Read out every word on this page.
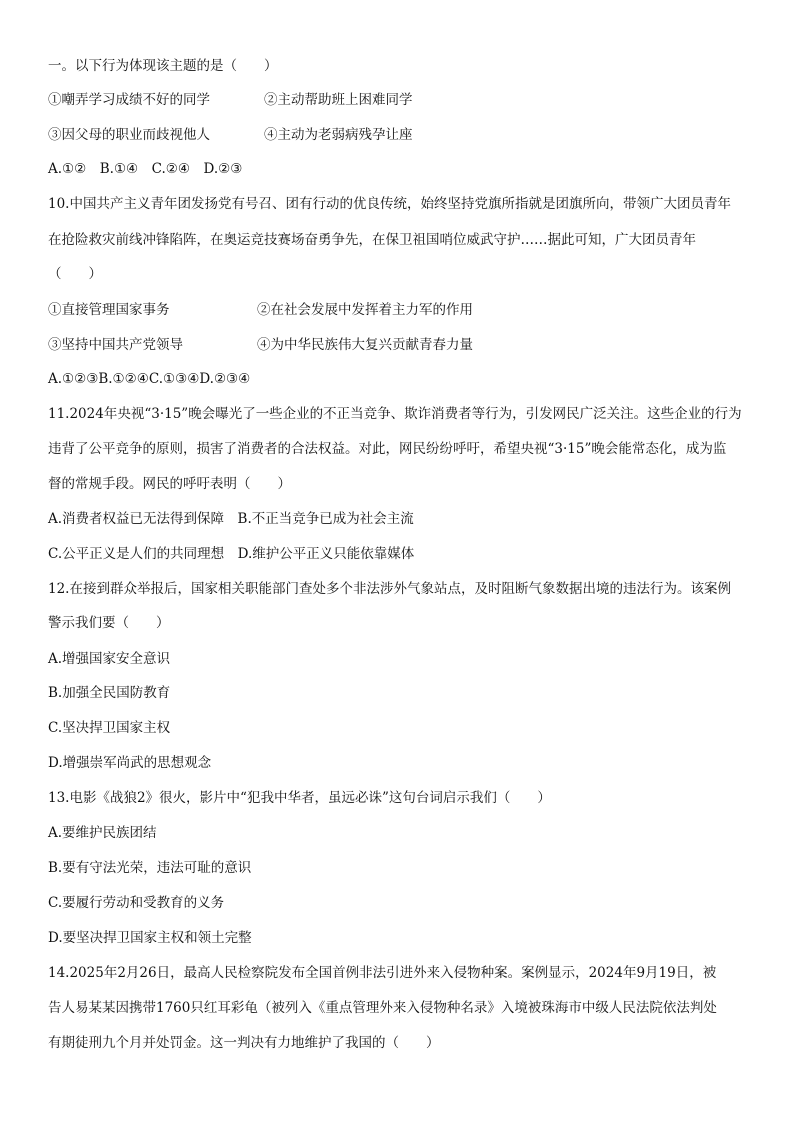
一。以下行为体现该主题的是（　　）
①嘲弄学习成绩不好的同学	②主动帮助班上困难同学
③因父母的职业而歧视他人	④主动为老弱病残孕让座
A.①②　B.①④　C.②④　D.②③
10.中国共产主义青年团发扬党有号召、团有行动的优良传统，始终坚持党旗所指就是团旗所向，带领广大团员青年
在抢险救灾前线冲锋陷阵，在奥运竞技赛场奋勇争先，在保卫祖国哨位威武守护……据此可知，广大团员青年
（　　）
①直接管理国家事务	②在社会发展中发挥着主力军的作用
③坚持中国共产党领导	④为中华民族伟大复兴贡献青春力量
A.①②③B.①②④C.①③④D.②③④
11.2024年央视“3·15”晚会曝光了一些企业的不正当竞争、欺诈消费者等行为，引发网民广泛关注。这些企业的行为
违背了公平竞争的原则，损害了消费者的合法权益。对此，网民纷纷呼吁，希望央视“3·15”晚会能常态化，成为监
督的常规手段。网民的呼吁表明（　　）
A.消费者权益已无法得到保障　B.不正当竞争已成为社会主流
C.公平正义是人们的共同理想　D.维护公平正义只能依靠媒体
12.在接到群众举报后，国家相关职能部门查处多个非法涉外气象站点，及时阻断气象数据出境的违法行为。该案例
警示我们要（　　）
A.增强国家安全意识
B.加强全民国防教育
C.坚决捍卫国家主权
D.增强崇军尚武的思想观念
13.电影《战狼2》很火，影片中“犯我中华者，虽远必诛”这句台词启示我们（　　）
A.要维护民族团结
B.要有守法光荣，违法可耻的意识
C.要履行劳动和受教育的义务
D.要坚决捍卫国家主权和领土完整
14.2025年2月26日，最高人民检察院发布全国首例非法引进外来入侵物种案。案例显示，2024年9月19日，被
告人易某某因携带1760只红耳彩龟（被列入《重点管理外来入侵物种名录》入境被珠海市中级人民法院依法判处
有期徒刑九个月并处罚金。这一判决有力地维护了我国的（　　）
